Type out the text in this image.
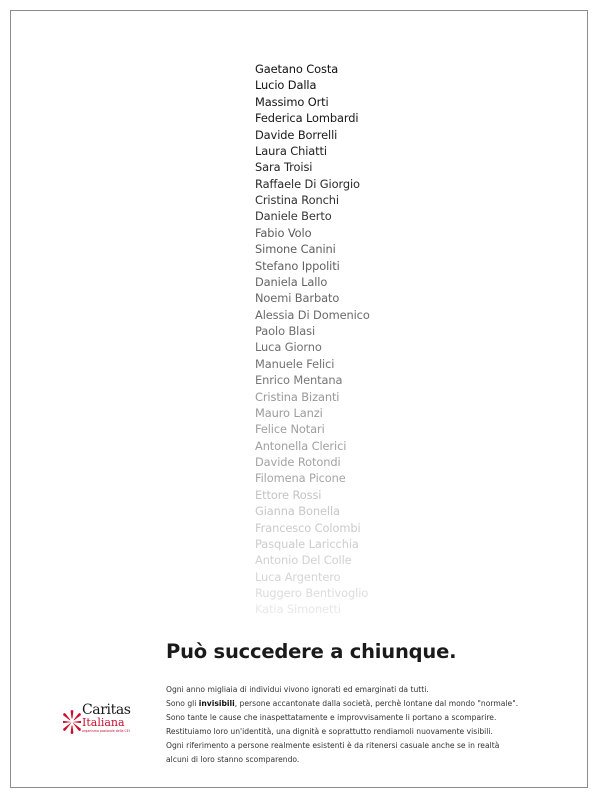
Gaetano Costa
Lucio Dalla
Massimo Orti
Federica Lombardi
Davide Borrelli
Laura Chiatti
Sara Troisi
Raffaele Di Giorgio
Cristina Ronchi
Daniele Berto
Fabio Volo
Simone Canini
Stefano Ippoliti
Daniela Lallo
Noemi Barbato
Alessia Di Domenico
Paolo Blasi
Luca Giorno
Manuele Felici
Enrico Mentana
Cristina Bizanti
Mauro Lanzi
Felice Notari
Antonella Clerici
Davide Rotondi
Filomena Picone
Ettore Rossi
Gianna Bonella
Francesco Colombi
Pasquale Laricchia
Antonio Del Colle
Luca Argentero
Ruggero Bentivoglio
Katia Simonetti
Può succedere a chiunque.

Ogni anno migliaia di individui vivono ignorati ed emarginati da tutti.

Sono gli invisibili, persone accantonate dalla società, perchè lontane dal mondo "normale".

Sono tante le cause che inaspettatamente e improvvisamente li portano a scomparire.

Restituiamo loro un'identità, una dignità e soprattutto rendiamoli nuovamente visibili.

Ogni riferimento a persone realmente esistenti è da ritenersi casuale anche se in realtà

alcuni di loro stanno scomparendo.

Caritas
Italiana
organismo pastorale della CEI
